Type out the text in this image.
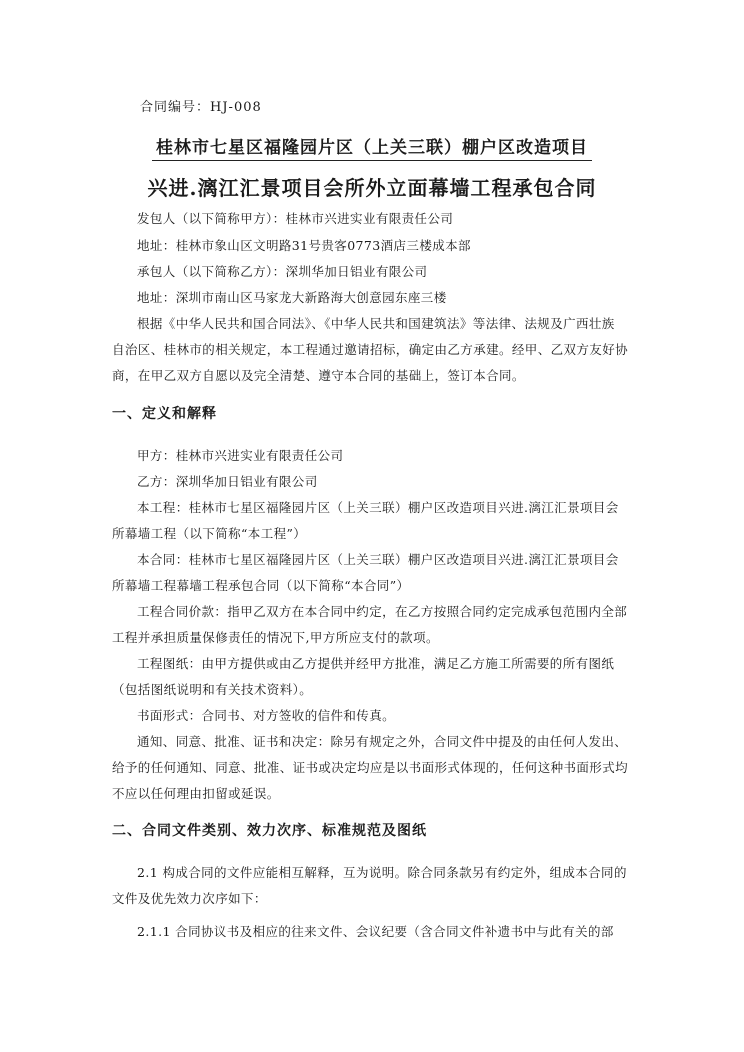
合同编号：HJ-008
桂林市七星区福隆园片区（上关三联）棚户区改造项目
兴进.漓江汇景项目会所外立面幕墙工程承包合同
发包人（以下简称甲方）：桂林市兴进实业有限责任公司
地址：桂林市象山区文明路31号贵客0773酒店三楼成本部
承包人（以下简称乙方）：深圳华加日铝业有限公司
地址：深圳市南山区马家龙大新路海大创意园东座三楼
根据《中华人民共和国合同法》、《中华人民共和国建筑法》等法律、法规及广西壮族
自治区、桂林市的相关规定，本工程通过邀请招标，确定由乙方承建。经甲、乙双方友好协
商，在甲乙双方自愿以及完全清楚、遵守本合同的基础上，签订本合同。
一、定义和解释
甲方：桂林市兴进实业有限责任公司
乙方：深圳华加日铝业有限公司
本工程：桂林市七星区福隆园片区（上关三联）棚户区改造项目兴进.漓江汇景项目会
所幕墙工程（以下简称“本工程”）
本合同：桂林市七星区福隆园片区（上关三联）棚户区改造项目兴进.漓江汇景项目会
所幕墙工程幕墙工程承包合同（以下简称“本合同”）
工程合同价款：指甲乙双方在本合同中约定，在乙方按照合同约定完成承包范围内全部
工程并承担质量保修责任的情况下,甲方所应支付的款项。
工程图纸：由甲方提供或由乙方提供并经甲方批准，满足乙方施工所需要的所有图纸
（包括图纸说明和有关技术资料）。
书面形式：合同书、对方签收的信件和传真。
通知、同意、批准、证书和决定：除另有规定之外，合同文件中提及的由任何人发出、
给予的任何通知、同意、批准、证书或决定均应是以书面形式体现的，任何这种书面形式均
不应以任何理由扣留或延误。
二、合同文件类别、效力次序、标准规范及图纸
2.1 构成合同的文件应能相互解释，互为说明。除合同条款另有约定外，组成本合同的
文件及优先效力次序如下：
2.1.1 合同协议书及相应的往来文件、会议纪要（含合同文件补遗书中与此有关的部
